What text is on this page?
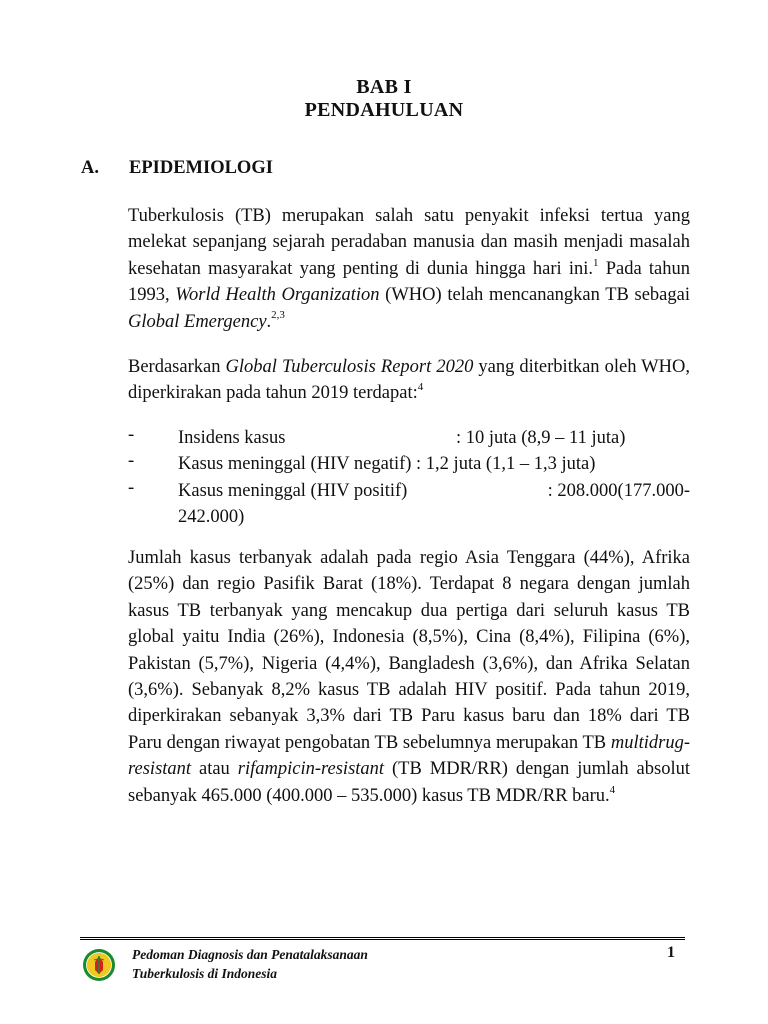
BAB I
PENDAHULUAN
A. EPIDEMIOLOGI

Tuberkulosis (TB) merupakan salah satu penyakit infeksi tertua yang melekat sepanjang sejarah peradaban manusia dan masih menjadi masalah kesehatan masyarakat yang penting di dunia hingga hari ini.$^1$ Pada tahun 1993, World Health Organization (WHO) telah mencanangkan TB sebagai Global Emergency.$^{2,3}$

Berdasarkan Global Tuberculosis Report 2020 yang diterbitkan oleh WHO, diperkirakan pada tahun 2019 terdapat:$^4$

- Insidens kasus	: 10 juta (8,9 – 11 juta)
- Kasus meninggal (HIV negatif) : 1,2 juta (1,1 – 1,3 juta)
- Kasus meninggal (HIV positif)	: 208.000(177.000-
242.000)

Jumlah kasus terbanyak adalah pada regio Asia Tenggara (44%), Afrika (25%) dan regio Pasifik Barat (18%). Terdapat 8 negara dengan jumlah kasus TB terbanyak yang mencakup dua pertiga dari seluruh kasus TB global yaitu India (26%), Indonesia (8,5%), Cina (8,4%), Filipina (6%), Pakistan (5,7%), Nigeria (4,4%), Bangladesh (3,6%), dan Afrika Selatan (3,6%). Sebanyak 8,2% kasus TB adalah HIV positif. Pada tahun 2019, diperkirakan sebanyak 3,3% dari TB Paru kasus baru dan 18% dari TB Paru dengan riwayat pengobatan TB sebelumnya merupakan TB multidrug-resistant atau rifampicin-resistant (TB MDR/RR) dengan jumlah absolut sebanyak 465.000 (400.000 – 535.000) kasus TB MDR/RR baru.$^4$

Pedoman Diagnosis dan Penatalaksanaan
Tuberkulosis di Indonesia
1
